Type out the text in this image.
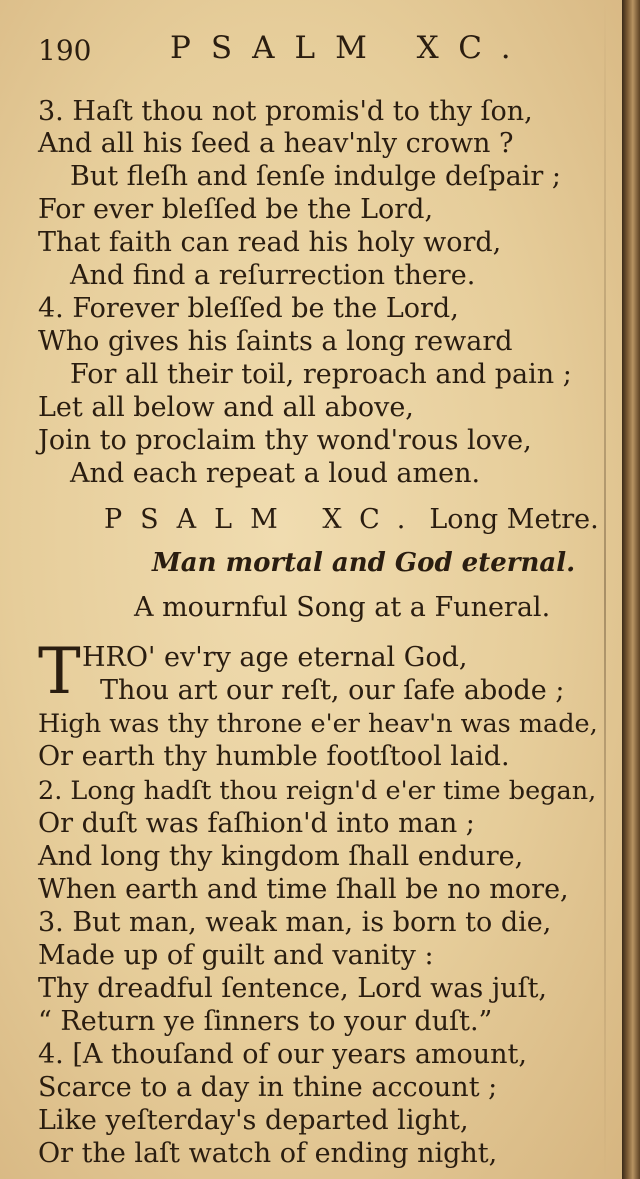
190	PSALM XC.
3. Haſt thou not promis'd to thy ſon,
And all his ſeed a heav'nly crown ?
But fleſh and ſenſe indulge deſpair ;
For ever bleſſed be the Lord,
That faith can read his holy word,
And find a reſurrection there.
4. Forever bleſſed be the Lord,
Who gives his ſaints a long reward
For all their toil, reproach and pain ;
Let all below and all above,
Join to proclaim thy wond'rous love,
And each repeat a loud amen.
PSALM XC. Long Metre.
Man mortal and God eternal.
A mournful Song at a Funeral.
T HRO' ev'ry age eternal God,
Thou art our reſt, our ſafe abode ;
High was thy throne e'er heav'n was made,
Or earth thy humble footſtool laid.
2. Long hadſt thou reign'd e'er time began,
Or duſt was faſhion'd into man ;
And long thy kingdom ſhall endure,
When earth and time ſhall be no more,
3. But man, weak man, is born to die,
Made up of guilt and vanity :
Thy dreadful ſentence, Lord was juſt,
“ Return ye ſinners to your duſt.”
4. [A thouſand of our years amount,
Scarce to a day in thine account ;
Like yeſterday's departed light,
Or the laſt watch of ending night,
